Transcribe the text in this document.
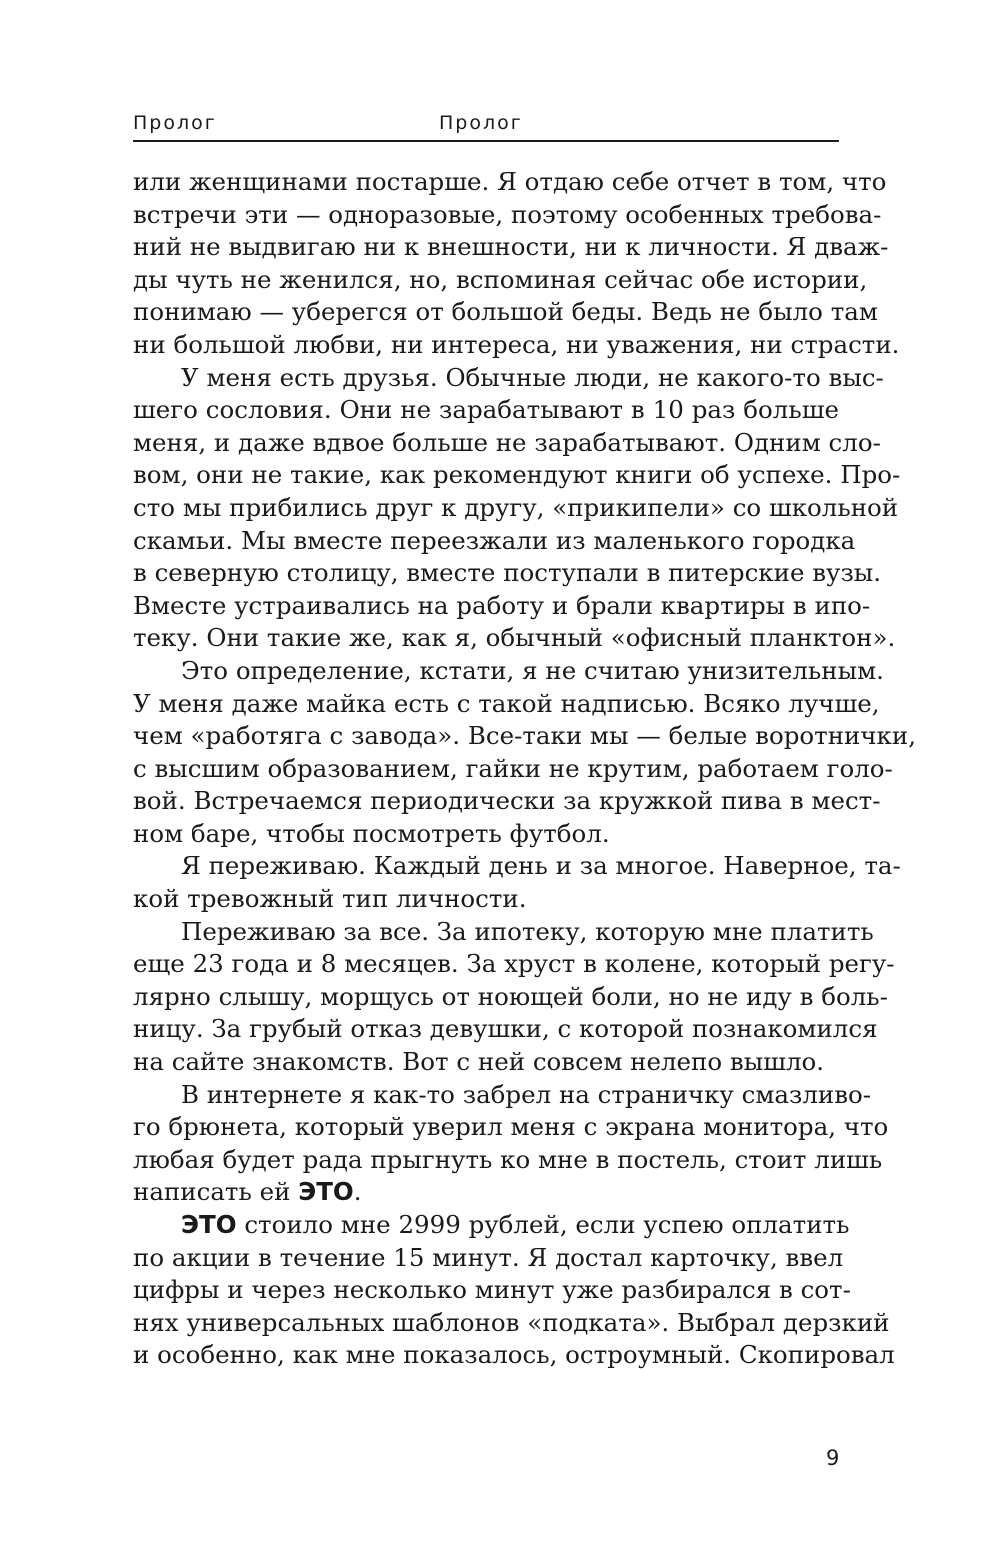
Пролог	Пролог
или женщинами постарше. Я отдаю себе отчет в том, что
встречи эти — одноразовые, поэтому особенных требова-
ний не выдвигаю ни к внешности, ни к личности. Я дваж-
ды чуть не женился, но, вспоминая сейчас обе истории,
понимаю — уберегся от большой беды. Ведь не было там
ни большой любви, ни интереса, ни уважения, ни страсти.
У меня есть друзья. Обычные люди, не какого-то выс-
шего сословия. Они не зарабатывают в 10 раз больше
меня, и даже вдвое больше не зарабатывают. Одним сло-
вом, они не такие, как рекомендуют книги об успехе. Про-
сто мы прибились друг к другу, «прикипели» со школьной
скамьи. Мы вместе переезжали из маленького городка
в северную столицу, вместе поступали в питерские вузы.
Вместе устраивались на работу и брали квартиры в ипо-
теку. Они такие же, как я, обычный «офисный планктон».
Это определение, кстати, я не считаю унизительным.
У меня даже майка есть с такой надписью. Всяко лучше,
чем «работяга с завода». Все-таки мы — белые воротнички,
с высшим образованием, гайки не крутим, работаем голо-
вой. Встречаемся периодически за кружкой пива в мест-
ном баре, чтобы посмотреть футбол.
Я переживаю. Каждый день и за многое. Наверное, та-
кой тревожный тип личности.
Переживаю за все. За ипотеку, которую мне платить
еще 23 года и 8 месяцев. За хруст в колене, который регу-
лярно слышу, морщусь от ноющей боли, но не иду в боль-
ницу. За грубый отказ девушки, с которой познакомился
на сайте знакомств. Вот с ней совсем нелепо вышло.
В интернете я как-то забрел на страничку смазливо-
го брюнета, который уверил меня с экрана монитора, что
любая будет рада прыгнуть ко мне в постель, стоит лишь
написать ей ЭТО.
ЭТО стоило мне 2999 рублей, если успею оплатить
по акции в течение 15 минут. Я достал карточку, ввел
цифры и через несколько минут уже разбирался в сот-
нях универсальных шаблонов «подката». Выбрал дерзкий
и особенно, как мне показалось, остроумный. Скопировал
9
